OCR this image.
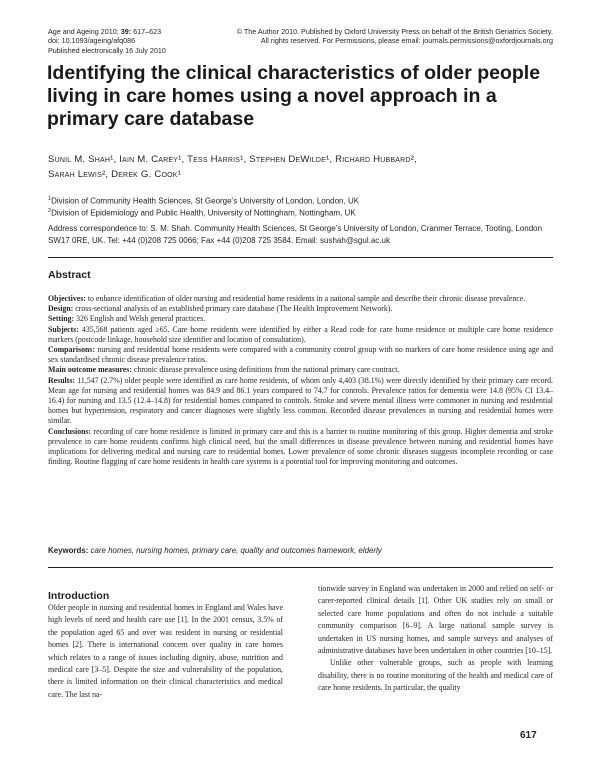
Age and Ageing 2010; 39: 617–623
doi: 10.1093/ageing/afq086
Published electronically 16 July 2010
© The Author 2010. Published by Oxford University Press on behalf of the British Geriatrics Society.
All rights reserved. For Permissions, please email: journals.permissions@oxfordjournals.org
Identifying the clinical characteristics of older people living in care homes using a novel approach in a primary care database
Sunil M. Shah¹, Iain M. Carey¹, Tess Harris¹, Stephen DeWilde¹, Richard Hubbard²,
Sarah Lewis², Derek G. Cook¹
$^1$Division of Community Health Sciences, St George’s University of London, London, UK
$^2$Division of Epidemiology and Public Health, University of Nottingham, Nottingham, UK
Address correspondence to: S. M. Shah. Community Health Sciences, St George’s University of London, Cranmer Terrace, Tooting, London SW17 0RE, UK. Tel: +44 (0)208 725 0066; Fax +44 (0)208 725 3584. Email: sushah@sgul.ac.uk
Abstract

Objectives: to enhance identification of older nursing and residential home residents in a national sample and describe their chronic disease prevalence.

Design: cross-sectional analysis of an established primary care database (The Health Improvement Network).

Setting: 326 English and Welsh general practices.

Subjects: 435,568 patients aged ≥65. Care home residents were identified by either a Read code for care home residence or multiple care home residence markers (postcode linkage, household size identifier and location of consultation).

Comparisons: nursing and residential home residents were compared with a community control group with no markers of care home residence using age and sex standardised chronic disease prevalence ratios.

Main outcome measures: chronic disease prevalence using definitions from the national primary care contract.

Results: 11,547 (2.7%) older people were identified as care home residents, of whom only 4,403 (38.1%) were directly identified by their primary care record. Mean age for nursing and residential homes was 84.9 and 86.1 years compared to 74.7 for controls. Prevalence ratios for dementia were 14.8 (95% CI 13.4–16.4) for nursing and 13.5 (12.4–14.8) for residential homes compared to controls. Stroke and severe mental illness were commoner in nursing and residential homes but hypertension, respiratory and cancer diagnoses were slightly less common. Recorded disease prevalences in nursing and residential homes were similar.

Conclusions: recording of care home residence is limited in primary care and this is a barrier to routine monitoring of this group. Higher dementia and stroke prevalence in care home residents confirms high clinical need, but the small differences in disease prevalence between nursing and residential homes have implications for delivering medical and nursing care to residential homes. Lower prevalence of some chronic diseases suggests incomplete recording or case finding. Routine flagging of care home residents in health care systems is a potential tool for improving monitoring and outcomes.

Keywords: care homes, nursing homes, primary care, quality and outcomes framework, elderly
Introduction

Older people in nursing and residential homes in England and Wales have high levels of need and health care use [1]. In the 2001 census, 3.5% of the population aged 65 and over was resident in nursing or residential homes [2]. There is international concern over quality in care homes which relates to a range of issues including dignity, abuse, nutrition and medical care [3–5]. Despite the size and vulnerability of the population, there is limited information on their clinical characteristics and medical care. The last na-

tionwide survey in England was undertaken in 2000 and relied on self- or carer-reported clinical details [1]. Other UK studies rely on small or selected care home populations and often do not include a suitable community comparison [6–9]. A large national sample survey is undertaken in US nursing homes, and sample surveys and analyses of administrative databases have been undertaken in other countries [10–15].

Unlike other vulnerable groups, such as people with learning disability, there is no routine monitoring of the health and medical care of care home residents. In particular, the quality

617
